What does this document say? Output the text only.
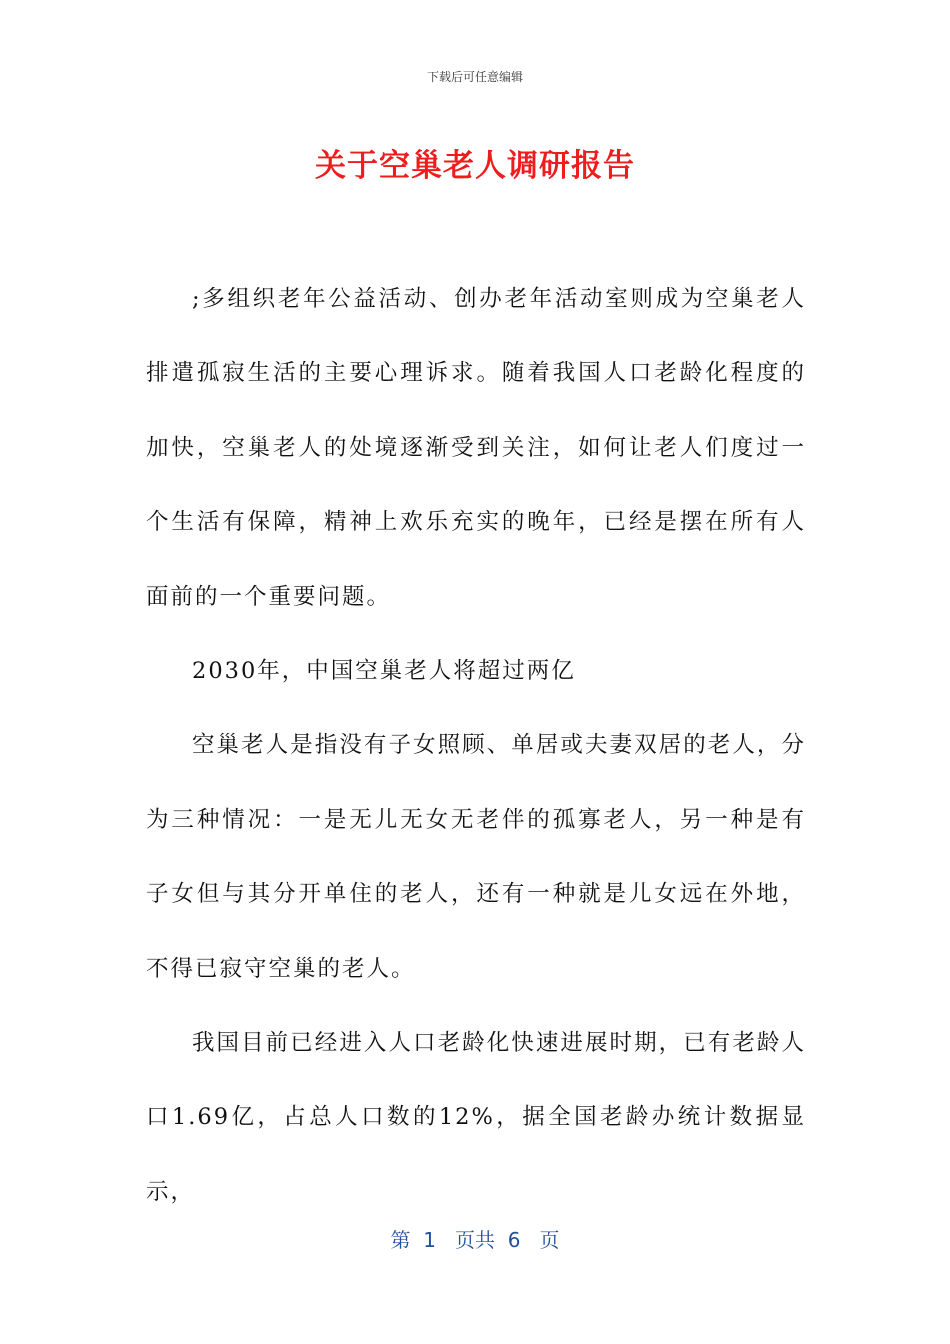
下载后可任意编辑
关于空巢老人调研报告

;多组织老年公益活动、创办老年活动室则成为空巢老人排遣孤寂生活的主要心理诉求。随着我国人口老龄化程度的加快，空巢老人的处境逐渐受到关注，如何让老人们度过一个生活有保障，精神上欢乐充实的晚年，已经是摆在所有人面前的一个重要问题。

2030年，中国空巢老人将超过两亿

空巢老人是指没有子女照顾、单居或夫妻双居的老人，分为三种情况：一是无儿无女无老伴的孤寡老人，另一种是有子女但与其分开单住的老人，还有一种就是儿女远在外地，不得已寂守空巢的老人。

我国目前已经进入人口老龄化快速进展时期，已有老龄人口1.69亿，占总人口数的12%，据全国老龄办统计数据显示，

第  1   页共  6   页
